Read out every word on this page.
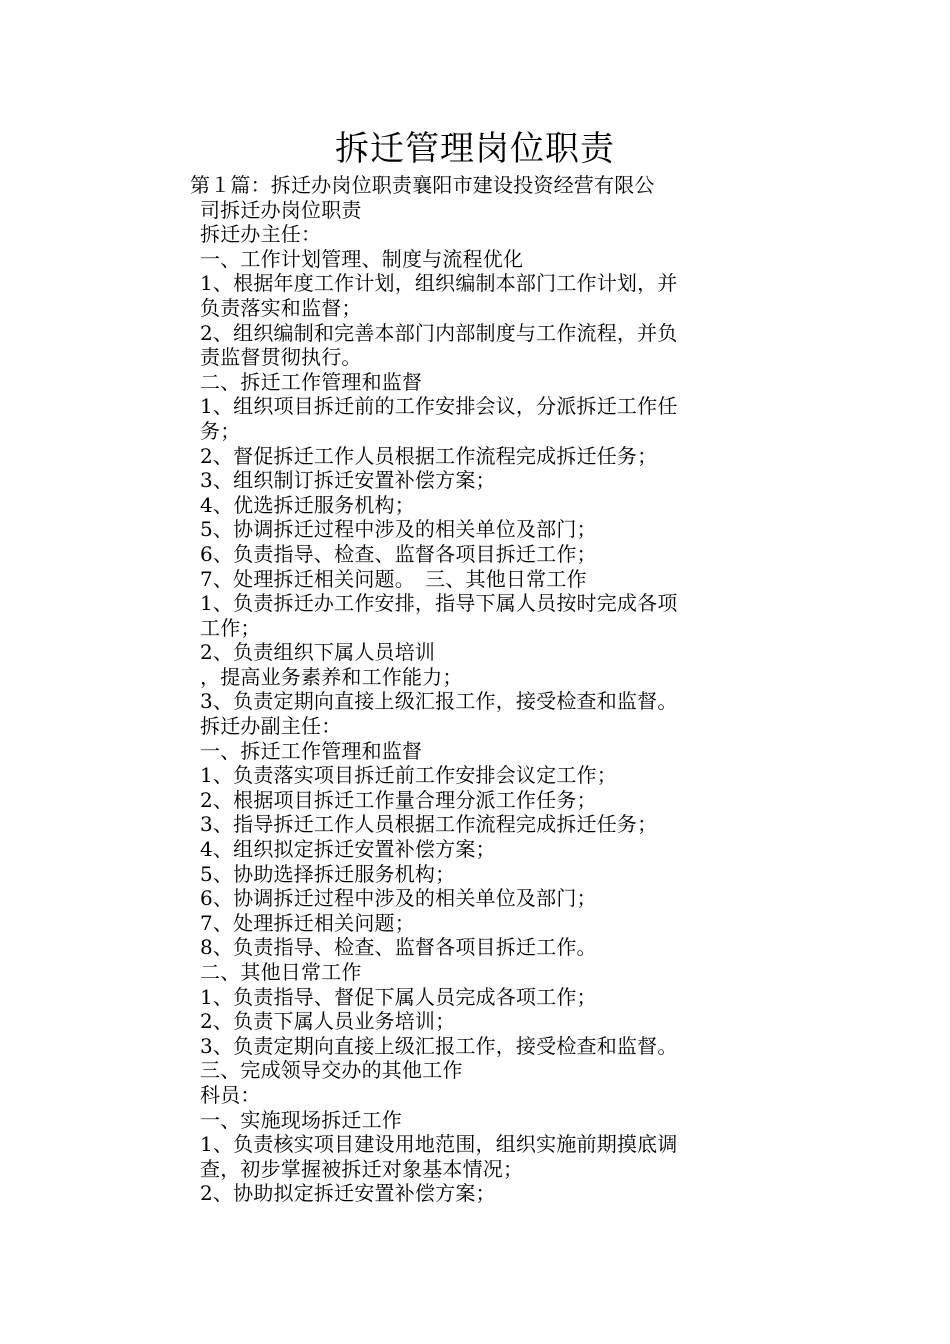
拆迁管理岗位职责
第１篇：拆迁办岗位职责襄阳市建设投资经营有限公
司拆迁办岗位职责
拆迁办主任：
一、工作计划管理、制度与流程优化
1、根据年度工作计划，组织编制本部门工作计划，并
负责落实和监督；
2、组织编制和完善本部门内部制度与工作流程，并负
责监督贯彻执行。
二、拆迁工作管理和监督
1、组织项目拆迁前的工作安排会议，分派拆迁工作任
务；
2、督促拆迁工作人员根据工作流程完成拆迁任务；
3、组织制订拆迁安置补偿方案；
4、优选拆迁服务机构；
5、协调拆迁过程中涉及的相关单位及部门；
6、负责指导、检查、监督各项目拆迁工作；
7、处理拆迁相关问题。　三、其他日常工作
1、负责拆迁办工作安排，指导下属人员按时完成各项
工作；
2、负责组织下属人员培训
，提高业务素养和工作能力；
3、负责定期向直接上级汇报工作，接受检查和监督。
拆迁办副主任：
一、拆迁工作管理和监督
1、负责落实项目拆迁前工作安排会议定工作；
2、根据项目拆迁工作量合理分派工作任务；
3、指导拆迁工作人员根据工作流程完成拆迁任务；
4、组织拟定拆迁安置补偿方案；
5、协助选择拆迁服务机构；
6、协调拆迁过程中涉及的相关单位及部门；
7、处理拆迁相关问题；
8、负责指导、检查、监督各项目拆迁工作。
二、其他日常工作
1、负责指导、督促下属人员完成各项工作；
2、负责下属人员业务培训；
3、负责定期向直接上级汇报工作，接受检查和监督。
三、完成领导交办的其他工作
科员：
一、实施现场拆迁工作
1、负责核实项目建设用地范围，组织实施前期摸底调
查，初步掌握被拆迁对象基本情况；
2、协助拟定拆迁安置补偿方案；
